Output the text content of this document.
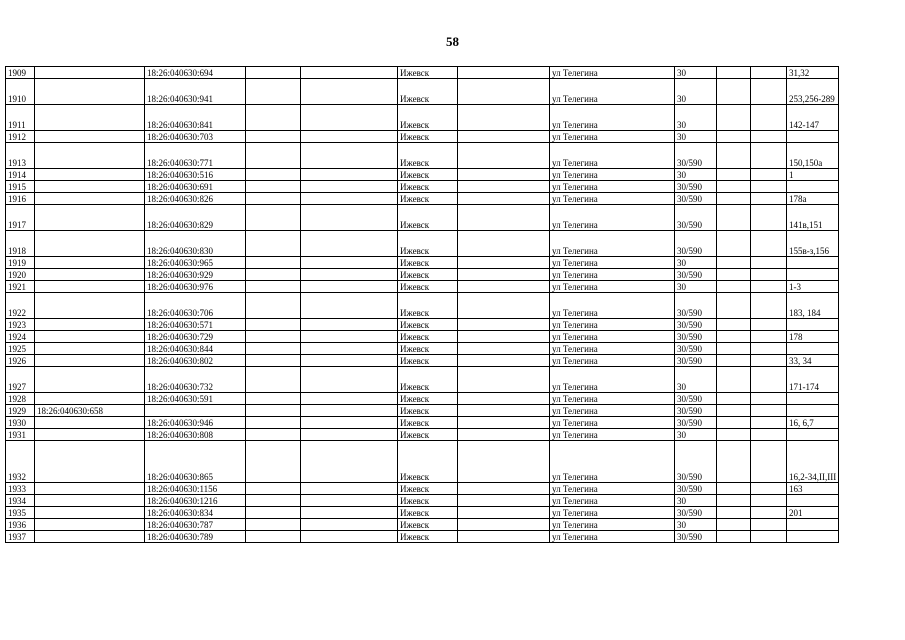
58
1909		18:26:040630:694			Ижевск		ул Телегина	30			31,32
1910		18:26:040630:941			Ижевск		ул Телегина	30			253,256-289
1911		18:26:040630:841			Ижевск		ул Телегина	30			142-147
1912		18:26:040630:703			Ижевск		ул Телегина	30			
1913		18:26:040630:771			Ижевск		ул Телегина	30/590			150,150а
1914		18:26:040630:516			Ижевск		ул Телегина	30			1
1915		18:26:040630:691			Ижевск		ул Телегина	30/590			
1916		18:26:040630:826			Ижевск		ул Телегина	30/590			178а
1917		18:26:040630:829			Ижевск		ул Телегина	30/590			141в,151
1918		18:26:040630:830			Ижевск		ул Телегина	30/590			155в-з,156
1919		18:26:040630:965			Ижевск		ул Телегина	30			
1920		18:26:040630:929			Ижевск		ул Телегина	30/590			
1921		18:26:040630:976			Ижевск		ул Телегина	30			1-3
1922		18:26:040630:706			Ижевск		ул Телегина	30/590			183, 184
1923		18:26:040630:571			Ижевск		ул Телегина	30/590			
1924		18:26:040630:729			Ижевск		ул Телегина	30/590			178
1925		18:26:040630:844			Ижевск		ул Телегина	30/590			
1926		18:26:040630:802			Ижевск		ул Телегина	30/590			33, 34
1927		18:26:040630:732			Ижевск		ул Телегина	30			171-174
1928		18:26:040630:591			Ижевск		ул Телегина	30/590			
1929	18:26:040630:658				Ижевск		ул Телегина	30/590			
1930		18:26:040630:946			Ижевск		ул Телегина	30/590			16, 6,7
1931		18:26:040630:808			Ижевск		ул Телегина	30			
1932		18:26:040630:865			Ижевск		ул Телегина	30/590			16,2-34,II,III
1933		18:26:040630:1156			Ижевск		ул Телегина	30/590			163
1934		18:26:040630:1216			Ижевск		ул Телегина	30			
1935		18:26:040630:834			Ижевск		ул Телегина	30/590			201
1936		18:26:040630:787			Ижевск		ул Телегина	30			
1937		18:26:040630:789			Ижевск		ул Телегина	30/590			
